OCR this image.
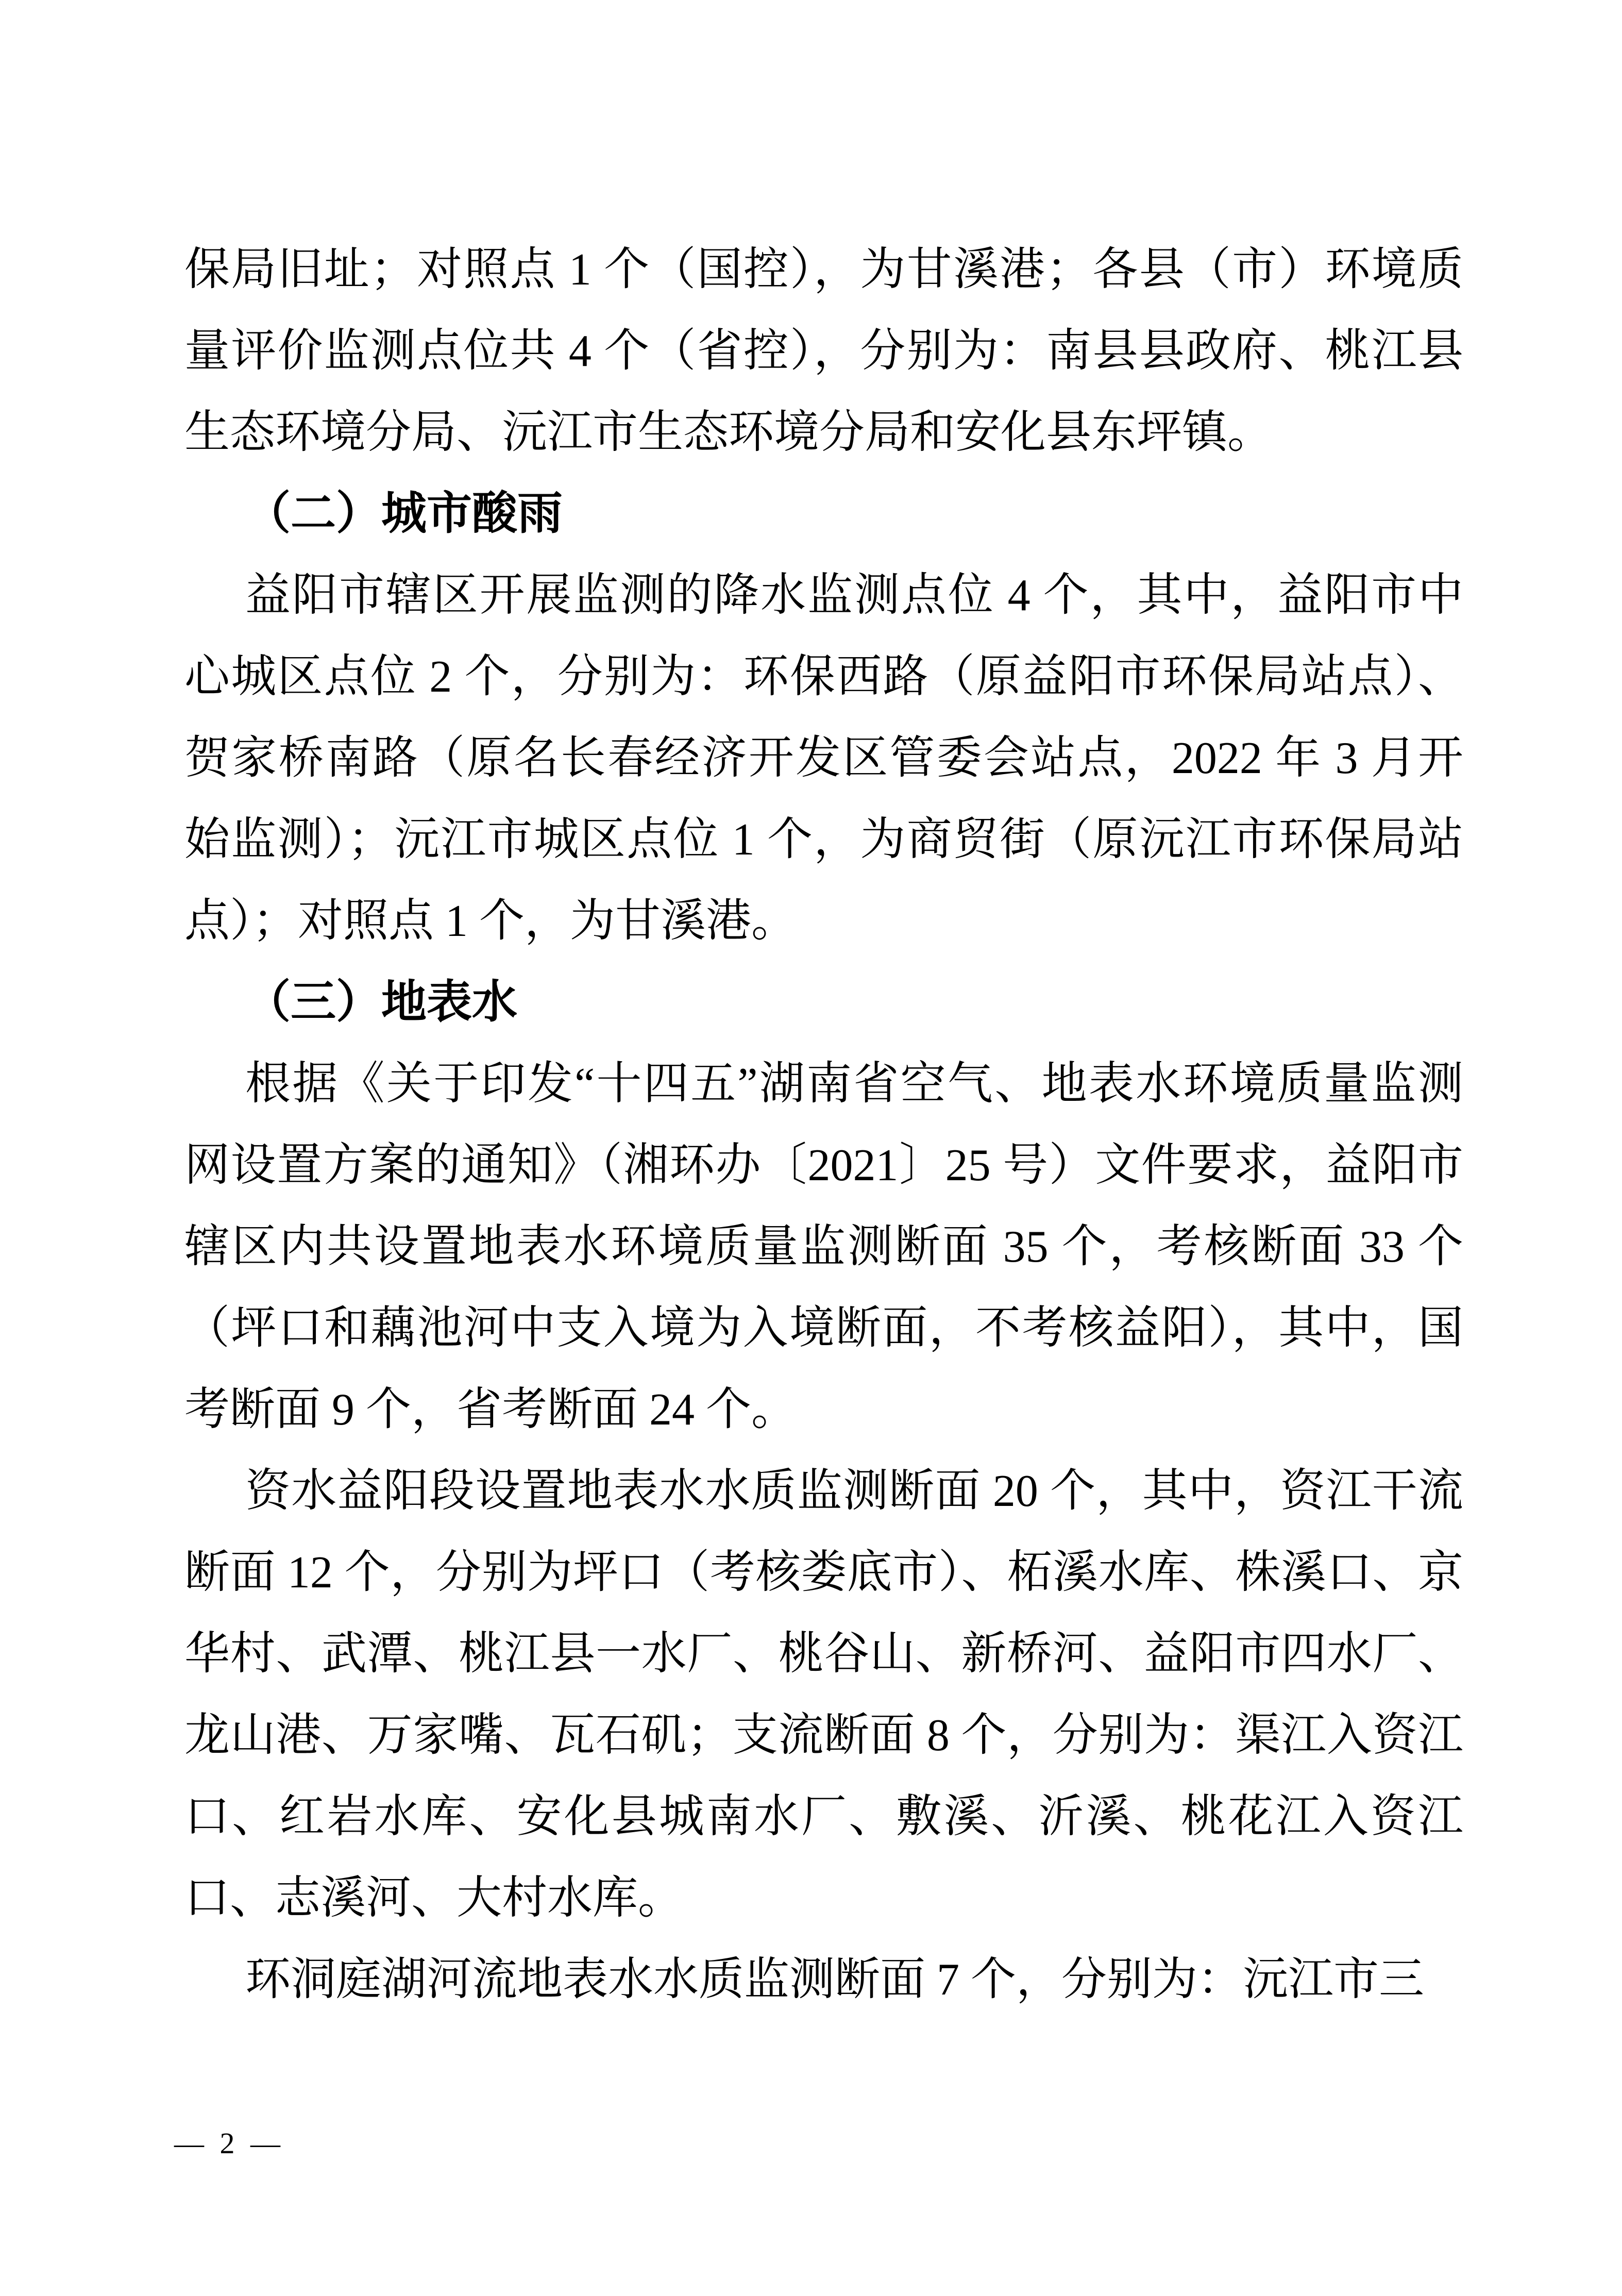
保局旧址；对照点 1 个（国控），为甘溪港；各县（市）环境质量评价监测点位共 4 个（省控），分别为：南县县政府、桃江县生态环境分局、沅江市生态环境分局和安化县东坪镇。

（二）城市酸雨

益阳市辖区开展监测的降水监测点位 4 个，其中，益阳市中心城区点位 2 个，分别为：环保西路（原益阳市环保局站点）、贺家桥南路（原名长春经济开发区管委会站点，2022 年 3 月开始监测）；沅江市城区点位 1 个，为商贸街（原沅江市环保局站点）；对照点 1 个，为甘溪港。

（三）地表水

根据《关于印发“十四五”湖南省空气、地表水环境质量监测网设置方案的通知》（湘环办〔2021〕25 号）文件要求，益阳市辖区内共设置地表水环境质量监测断面 35 个，考核断面 33 个（坪口和藕池河中支入境为入境断面，不考核益阳），其中，国考断面 9 个，省考断面 24 个。

资水益阳段设置地表水水质监测断面 20 个，其中，资江干流断面 12 个，分别为坪口（考核娄底市）、柘溪水库、株溪口、京华村、武潭、桃江县一水厂、桃谷山、新桥河、益阳市四水厂、龙山港、万家嘴、瓦石矶；支流断面 8 个，分别为：渠江入资江口、红岩水库、安化县城南水厂、敷溪、沂溪、桃花江入资江口、志溪河、大村水库。

环洞庭湖河流地表水水质监测断面 7 个，分别为：沅江市三

— 2 —
